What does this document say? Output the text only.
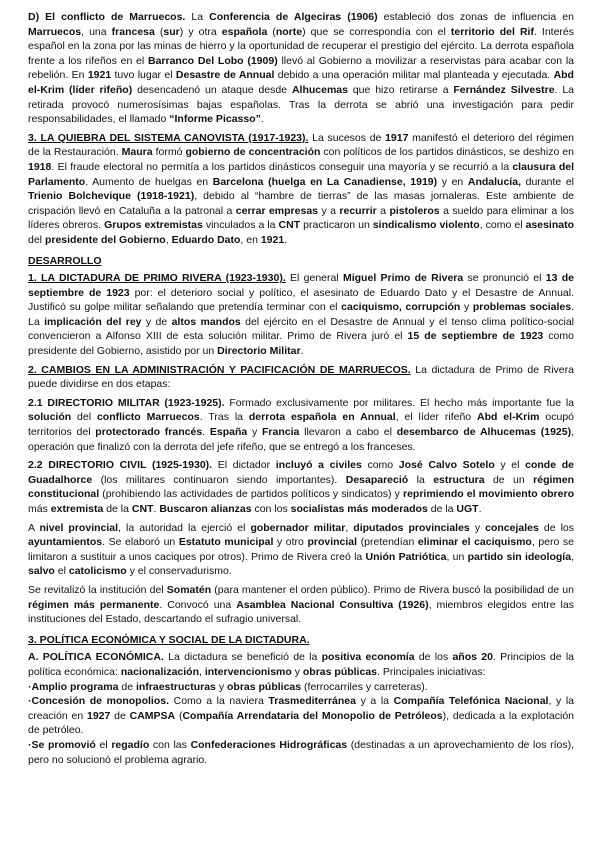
D) El conflicto de Marruecos. La Conferencia de Algeciras (1906) estableció dos zonas de influencia en Marruecos, una francesa (sur) y otra española (norte) que se correspondía con el territorio del Rif. Interés español en la zona por las minas de hierro y la oportunidad de recuperar el prestigio del ejército. La derrota española frente a los rifeños en el Barranco Del Lobo (1909) llevó al Gobierno a movilizar a reservistas para acabar con la rebelión. En 1921 tuvo lugar el Desastre de Annual debido a una operación militar mal planteada y ejecutada. Abd el-Krim (líder rifeño) desencadenó un ataque desde Alhucemas que hizo retirarse a Fernández Silvestre. La retirada provocó numerosísimas bajas españolas. Tras la derrota se abrió una investigación para pedir responsabilidades, el llamado “Informe Picasso”.

3. LA QUIEBRA DEL SISTEMA CANOVISTA (1917-1923). La sucesos de 1917 manifestó el deterioro del régimen de la Restauración. Maura formó gobierno de concentración con políticos de los partidos dinásticos, se deshizo en 1918. El fraude electoral no permitía a los partidos dinásticos conseguir una mayoría y se recurrió a la clausura del Parlamento. Aumento de huelgas en Barcelona (huelga en La Canadiense, 1919) y en Andalucía, durante el Trienio Bolchevique (1918-1921), debido al “hambre de tierras” de las masas jornaleras. Este ambiente de crispación llevó en Cataluña a la patronal a cerrar empresas y a recurrir a pistoleros a sueldo para eliminar a los líderes obreros. Grupos extremistas vinculados a la CNT practicaron un sindicalismo violento, como el asesinato del presidente del Gobierno, Eduardo Dato, en 1921.

DESARROLLO

1. LA DICTADURA DE PRIMO RIVERA (1923-1930). El general Miguel Primo de Rivera se pronunció el 13 de septiembre de 1923 por: el deterioro social y político, el asesinato de Eduardo Dato y el Desastre de Annual. Justificó su golpe militar señalando que pretendía terminar con el caciquismo, corrupción y problemas sociales. La implicación del rey y de altos mandos del ejército en el Desastre de Annual y el tenso clima político-social convencieron a Alfonso XIII de esta solución militar. Primo de Rivera juró el 15 de septiembre de 1923 como presidente del Gobierno, asistido por un Directorio Militar.

2. CAMBIOS EN LA ADMINISTRACIÓN Y PACIFICACIÓN DE MARRUECOS. La dictadura de Primo de Rivera puede dividirse en dos etapas:

2.1 DIRECTORIO MILITAR (1923-1925). Formado exclusivamente por militares. El hecho más importante fue la solución del conflicto Marruecos. Tras la derrota española en Annual, el líder rifeño Abd el-Krim ocupó territorios del protectorado francés. España y Francia llevaron a cabo el desembarco de Alhucemas (1925), operación que finalizó con la derrota del jefe rifeño, que se entregó a los franceses.

2.2 DIRECTORIO CIVIL (1925-1930). El dictador incluyó a civiles como José Calvo Sotelo y el conde de Guadalhorce (los militares continuaron siendo importantes). Desapareció la estructura de un régimen constitucional (prohibiendo las actividades de partidos políticos y sindicatos) y reprimiendo el movimiento obrero más extremista de la CNT. Buscaron alianzas con los socialistas más moderados de la UGT.

A nivel provincial, la autoridad la ejerció el gobernador militar, diputados provinciales y concejales de los ayuntamientos. Se elaboró un Estatuto municipal y otro provincial (pretendían eliminar el caciquismo, pero se limitaron a sustituir a unos caciques por otros). Primo de Rivera creó la Unión Patriótica, un partido sin ideología, salvo el catolicismo y el conservadurismo.

Se revitalizó la institución del Somatén (para mantener el orden público). Primo de Rivera buscó la posibilidad de un régimen más permanente. Convocó una Asamblea Nacional Consultiva (1926), miembros elegidos entre las instituciones del Estado, descartando el sufragio universal.

3. POLÍTICA ECONÓMICA Y SOCIAL DE LA DICTADURA.

A. POLÍTICA ECONÓMICA. La dictadura se benefició de la positiva economía de los años 20. Principios de la política económica: nacionalización, intervencionismo y obras públicas. Principales iniciativas:

·Amplio programa de infraestructuras y obras públicas (ferrocarriles y carreteras).

·Concesión de monopolios. Como a la naviera Trasmediterránea y a la Compañía Telefónica Nacional, y la creación en 1927 de CAMPSA (Compañía Arrendataria del Monopolio de Petróleos), dedicada a la explotación de petróleo.

·Se promovió el regadío con las Confederaciones Hidrográficas (destinadas a un aprovechamiento de los ríos), pero no solucionó el problema agrario.
